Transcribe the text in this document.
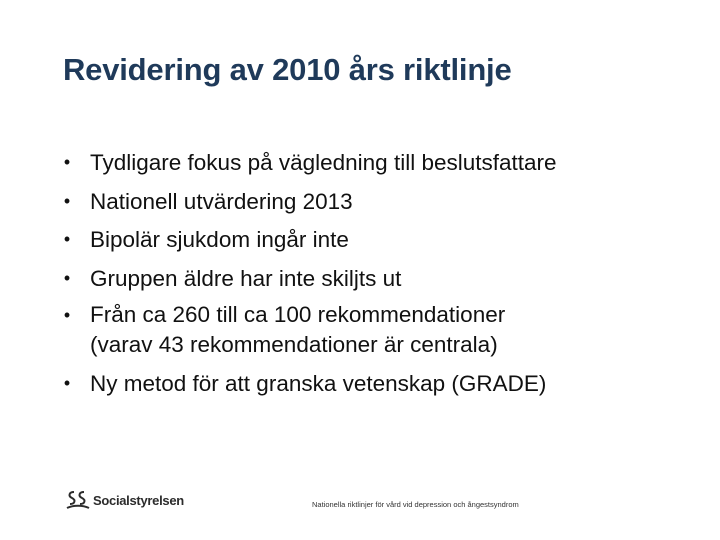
Revidering av 2010 års riktlinje
• Tydligare fokus på vägledning till beslutsfattare
• Nationell utvärdering 2013
• Bipolär sjukdom ingår inte
• Gruppen äldre har inte skiljts ut
• Från ca 260 till ca 100 rekommendationer
(varav 43 rekommendationer är centrala)
• Ny metod för att granska vetenskap (GRADE)
Socialstyrelsen	Nationella riktlinjer för vård vid depression och ångestsyndrom
